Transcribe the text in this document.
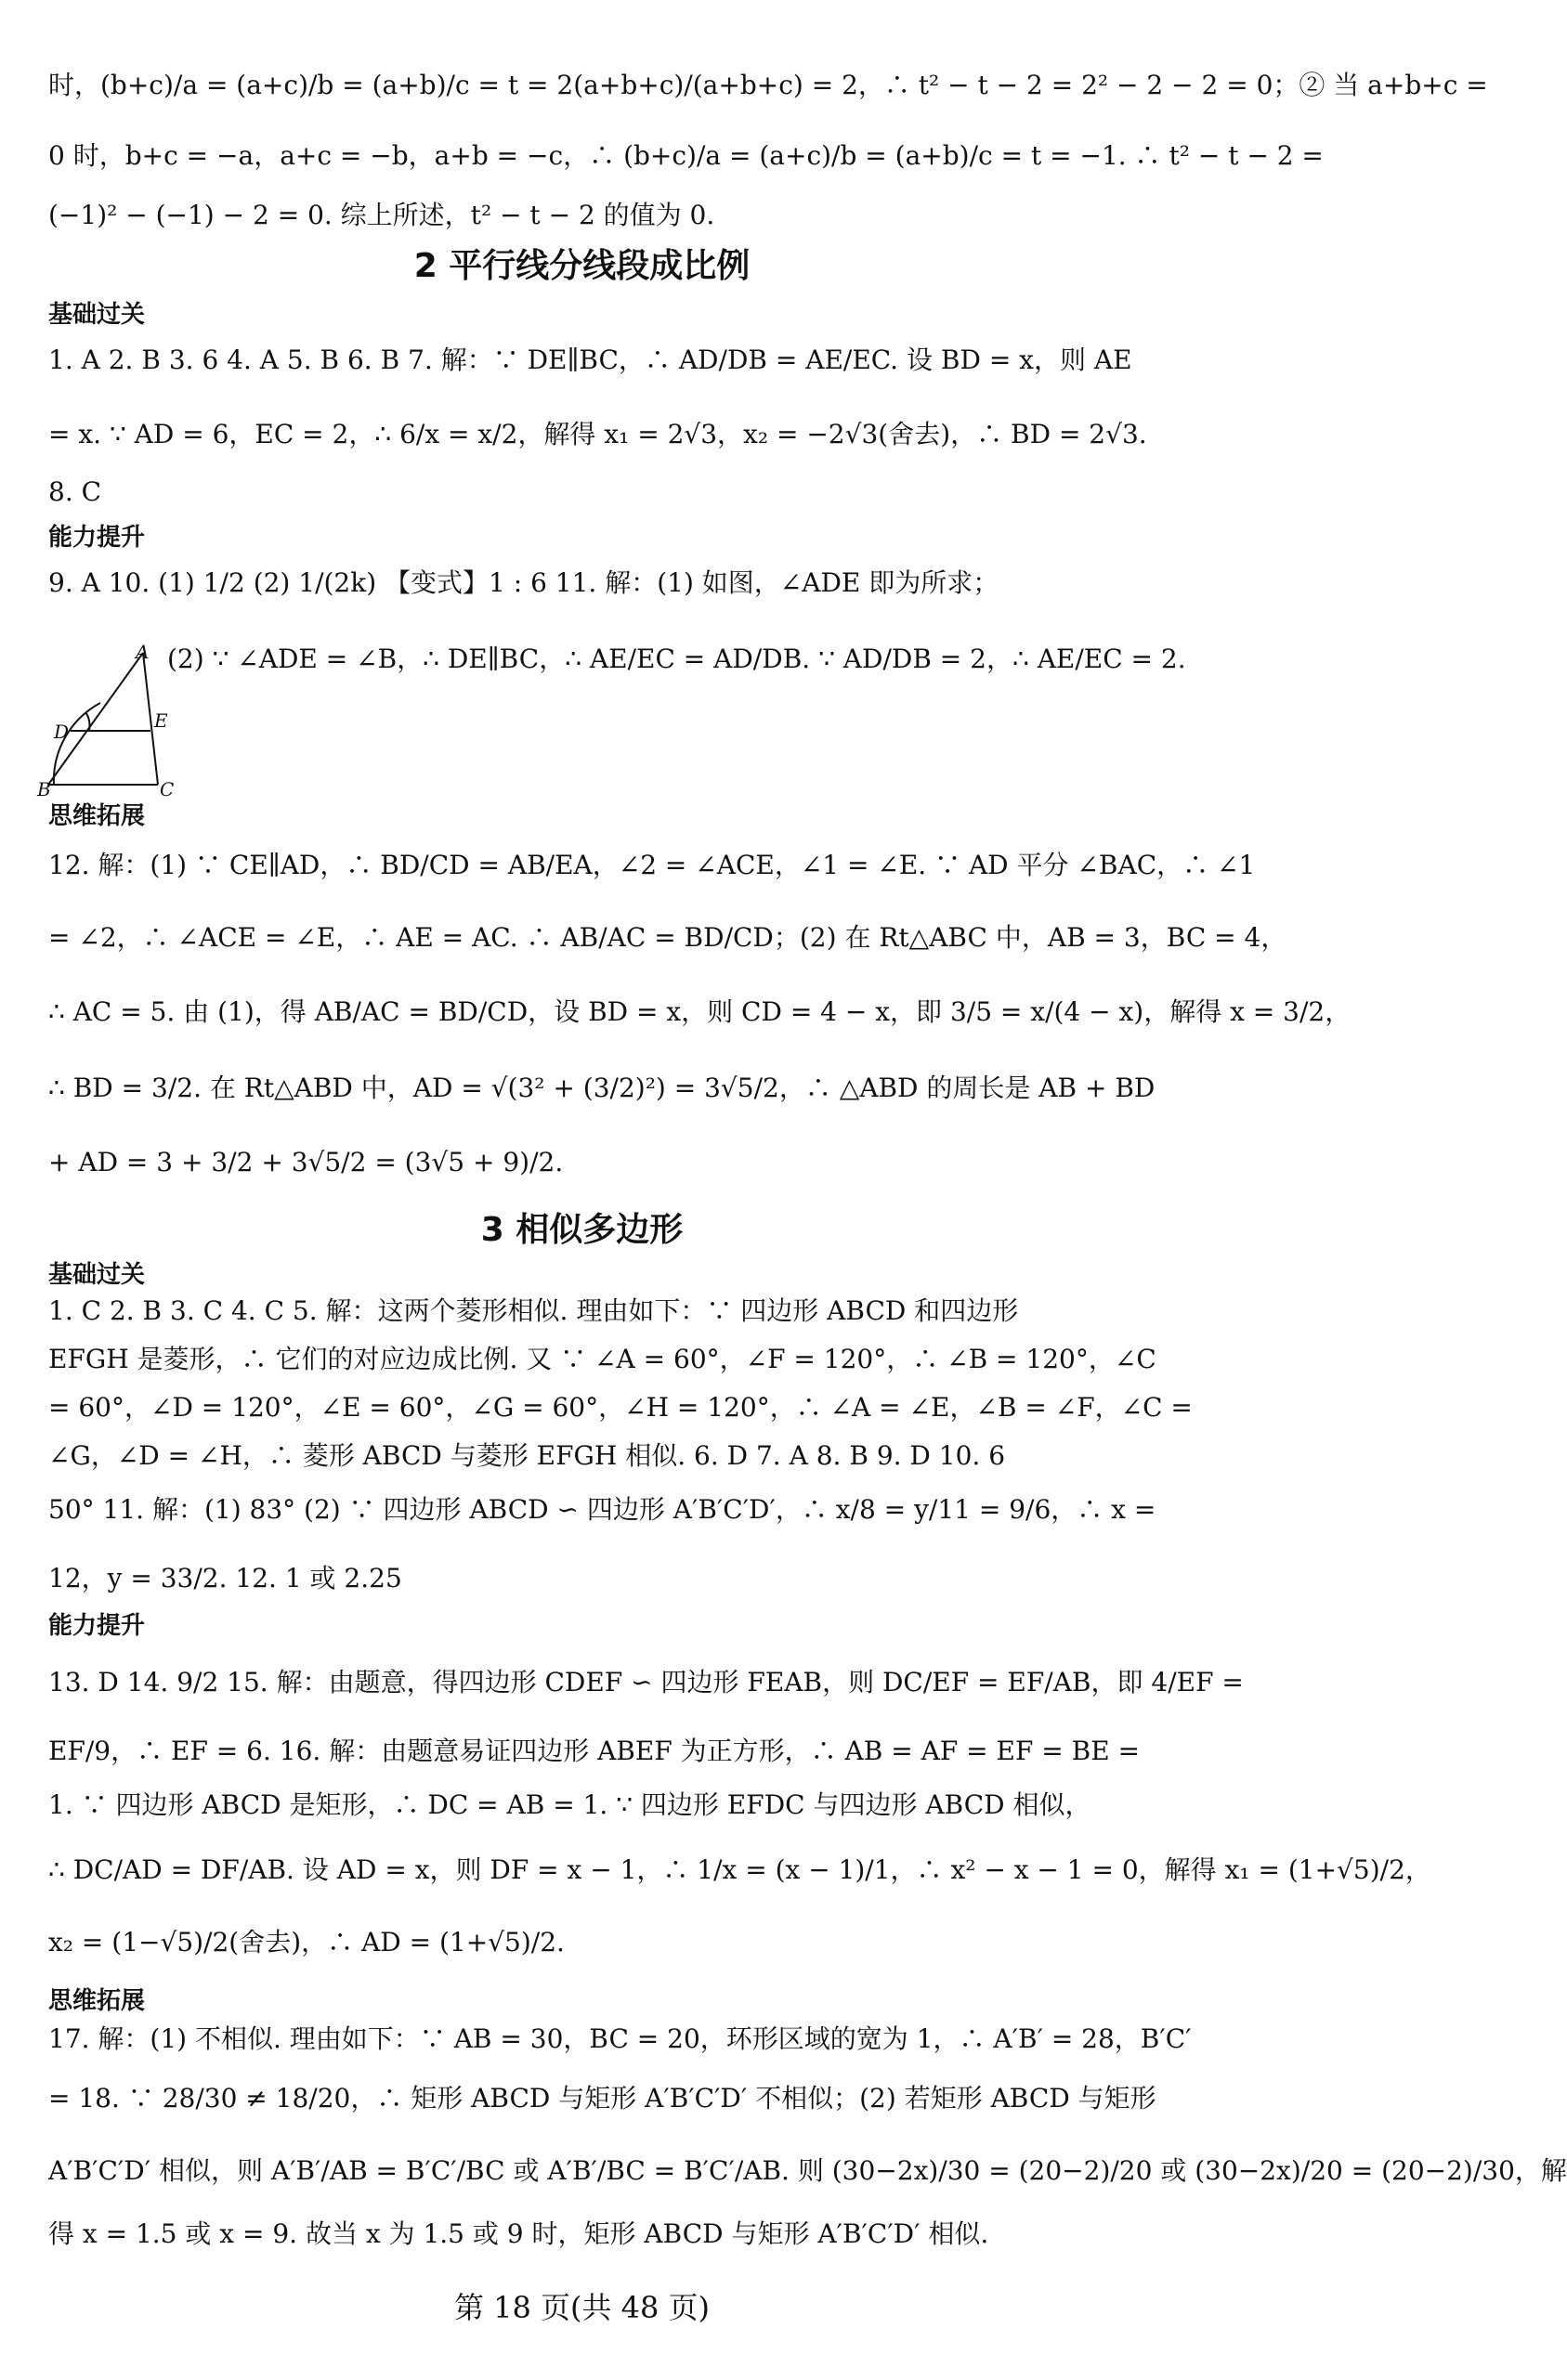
时，(b+c)/a = (a+c)/b = (a+b)/c = t = 2(a+b+c)/(a+b+c) = 2，∴ t² − t − 2 = 2² − 2 − 2 = 0；② 当 a+b+c =
0 时，b+c = −a，a+c = −b，a+b = −c，∴ (b+c)/a = (a+c)/b = (a+b)/c = t = −1. ∴ t² − t − 2 =
(−1)² − (−1) − 2 = 0. 综上所述，t² − t − 2 的值为 0.
2 平行线分线段成比例
基础过关
1. A 2. B 3. 6 4. A 5. B 6. B 7. 解：∵ DE∥BC，∴ AD/DB = AE/EC. 设 BD = x，则 AE
= x. ∵ AD = 6，EC = 2，∴ 6/x = x/2，解得 x₁ = 2√3，x₂ = −2√3(舍去)，∴ BD = 2√3.
8. C
能力提升
9. A 10. (1) 1/2 (2) 1/(2k) 【变式】1 : 6 11. 解：(1) 如图，∠ADE 即为所求；
(2) ∵ ∠ADE = ∠B，∴ DE∥BC，∴ AE/EC = AD/DB. ∵ AD/DB = 2，∴ AE/EC = 2.
A
B	C
D	E
思维拓展
12. 解：(1) ∵ CE∥AD，∴ BD/CD = AB/EA，∠2 = ∠ACE，∠1 = ∠E. ∵ AD 平分 ∠BAC，∴ ∠1
= ∠2，∴ ∠ACE = ∠E，∴ AE = AC. ∴ AB/AC = BD/CD；(2) 在 Rt△ABC 中，AB = 3，BC = 4，
∴ AC = 5. 由 (1)，得 AB/AC = BD/CD，设 BD = x，则 CD = 4 − x，即 3/5 = x/(4 − x)，解得 x = 3/2，
∴ BD = 3/2. 在 Rt△ABD 中，AD = √(3² + (3/2)²) = 3√5/2，∴ △ABD 的周长是 AB + BD
+ AD = 3 + 3/2 + 3√5/2 = (3√5 + 9)/2.
3 相似多边形
基础过关
1. C 2. B 3. C 4. C 5. 解：这两个菱形相似. 理由如下：∵ 四边形 ABCD 和四边形
EFGH 是菱形，∴ 它们的对应边成比例. 又 ∵ ∠A = 60°，∠F = 120°，∴ ∠B = 120°，∠C
= 60°，∠D = 120°，∠E = 60°，∠G = 60°，∠H = 120°，∴ ∠A = ∠E，∠B = ∠F，∠C =
∠G，∠D = ∠H，∴ 菱形 ABCD 与菱形 EFGH 相似. 6. D 7. A 8. B 9. D 10. 6
50° 11. 解：(1) 83° (2) ∵ 四边形 ABCD ∽ 四边形 A′B′C′D′，∴ x/8 = y/11 = 9/6，∴ x =
12，y = 33/2. 12. 1 或 2.25
能力提升
13. D 14. 9/2 15. 解：由题意，得四边形 CDEF ∽ 四边形 FEAB，则 DC/EF = EF/AB，即 4/EF =
EF/9，∴ EF = 6. 16. 解：由题意易证四边形 ABEF 为正方形，∴ AB = AF = EF = BE =
1. ∵ 四边形 ABCD 是矩形，∴ DC = AB = 1. ∵ 四边形 EFDC 与四边形 ABCD 相似，
∴ DC/AD = DF/AB. 设 AD = x，则 DF = x − 1，∴ 1/x = (x − 1)/1，∴ x² − x − 1 = 0，解得 x₁ = (1+√5)/2，
x₂ = (1−√5)/2(舍去)，∴ AD = (1+√5)/2.
思维拓展
17. 解：(1) 不相似. 理由如下：∵ AB = 30，BC = 20，环形区域的宽为 1，∴ A′B′ = 28，B′C′
= 18. ∵ 28/30 ≠ 18/20，∴ 矩形 ABCD 与矩形 A′B′C′D′ 不相似；(2) 若矩形 ABCD 与矩形
A′B′C′D′ 相似，则 A′B′/AB = B′C′/BC 或 A′B′/BC = B′C′/AB. 则 (30−2x)/30 = (20−2)/20 或 (30−2x)/20 = (20−2)/30，解
得 x = 1.5 或 x = 9. 故当 x 为 1.5 或 9 时，矩形 ABCD 与矩形 A′B′C′D′ 相似.
第 18 页(共 48 页)
